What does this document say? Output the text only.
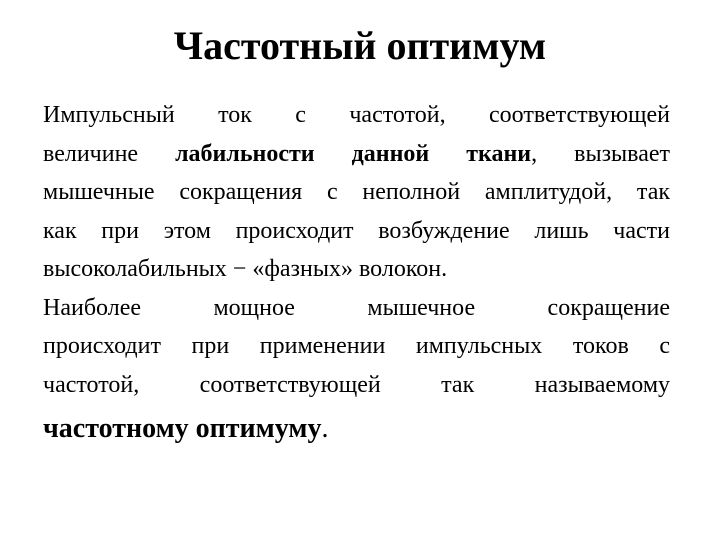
Частотный оптимум
Импульсный ток с частотой, соответствующей
величине лабильности данной ткани, вызывает
мышечные сокращения с неполной амплитудой, так
как при этом происходит возбуждение лишь части
высоколабильных − «фазных» волокон.
Наиболее мощное мышечное сокращение
происходит при применении импульсных токов с
частотой, соответствующей так называемому
частотному оптимуму.
